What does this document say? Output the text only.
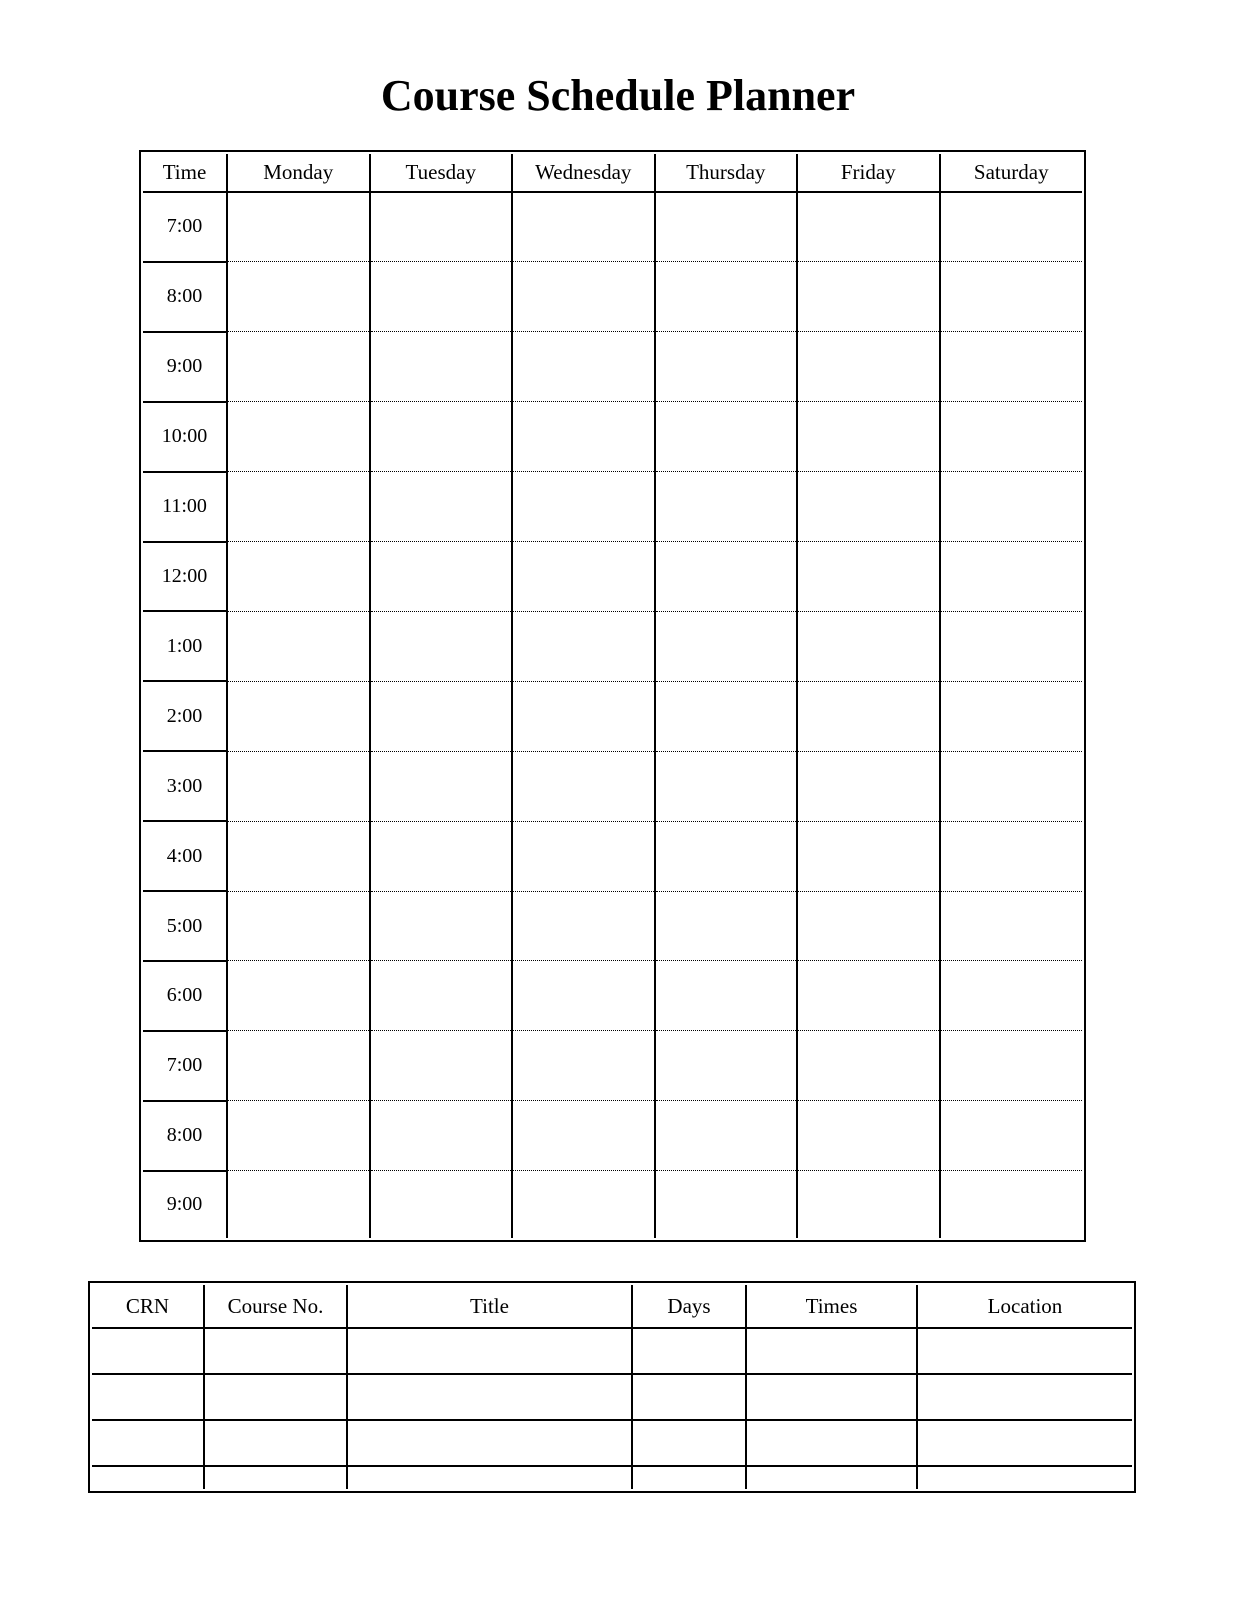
Course Schedule Planner
Time	Monday	Tuesday	Wednesday	Thursday	Friday	Saturday
7:00						
8:00						
9:00						
10:00						
11:00						
12:00						
1:00						
2:00						
3:00						
4:00						
5:00						
6:00						
7:00						
8:00						
9:00						
CRN	Course No.	Title	Days	Times	Location
